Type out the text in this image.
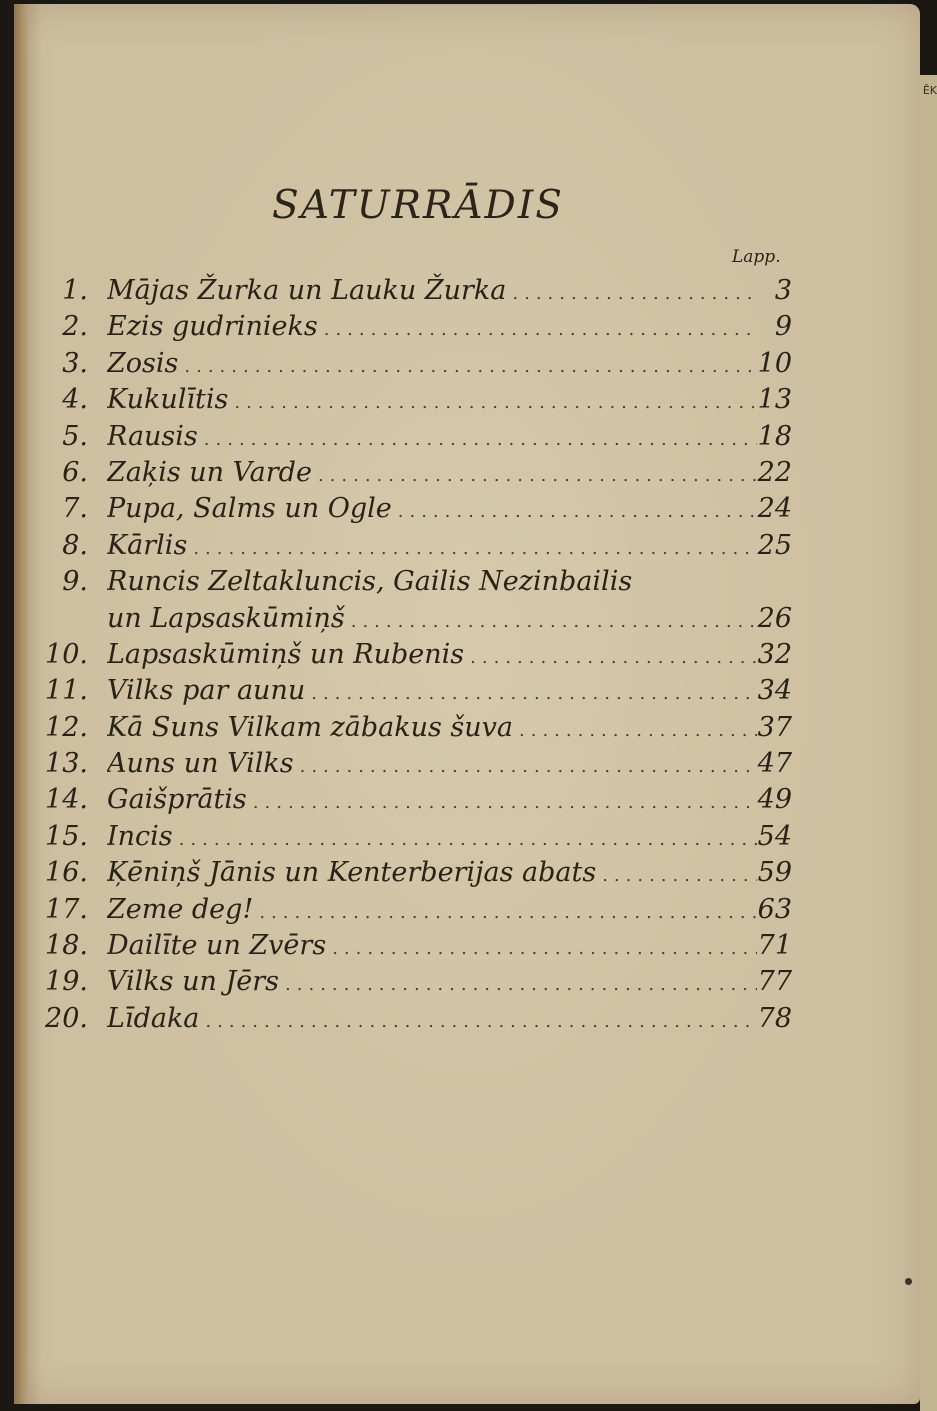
ĒK
SATURRĀDIS
Lapp.
1. Mājas Žurka un Lauku Žurka .....	3
2. Ezis gudrinieks .....	9
3. Zosis .....	10
4. Kukulītis .....	13
5. Rausis .....	18
6. Zaķis un Varde .....	22
7. Pupa, Salms un Ogle .....	24
8. Kārlis .....	25
9. Runcis Zeltakluncis, Gailis Nezinbailis
un Lapsaskūmiņš .....	26
10. Lapsaskūmiņš un Rubenis .....	32
11. Vilks par aunu .....	34
12. Kā Suns Vilkam zābakus šuva .....	37
13. Auns un Vilks .....	47
14. Gaišprātis .....	49
15. Incis .....	54
16. Ķēniņš Jānis un Kenterberijas abats .....	59
17. Zeme deg! .....	63
18. Dailīte un Zvērs .....	71
19. Vilks un Jērs .....	77
20. Līdaka .....	78
